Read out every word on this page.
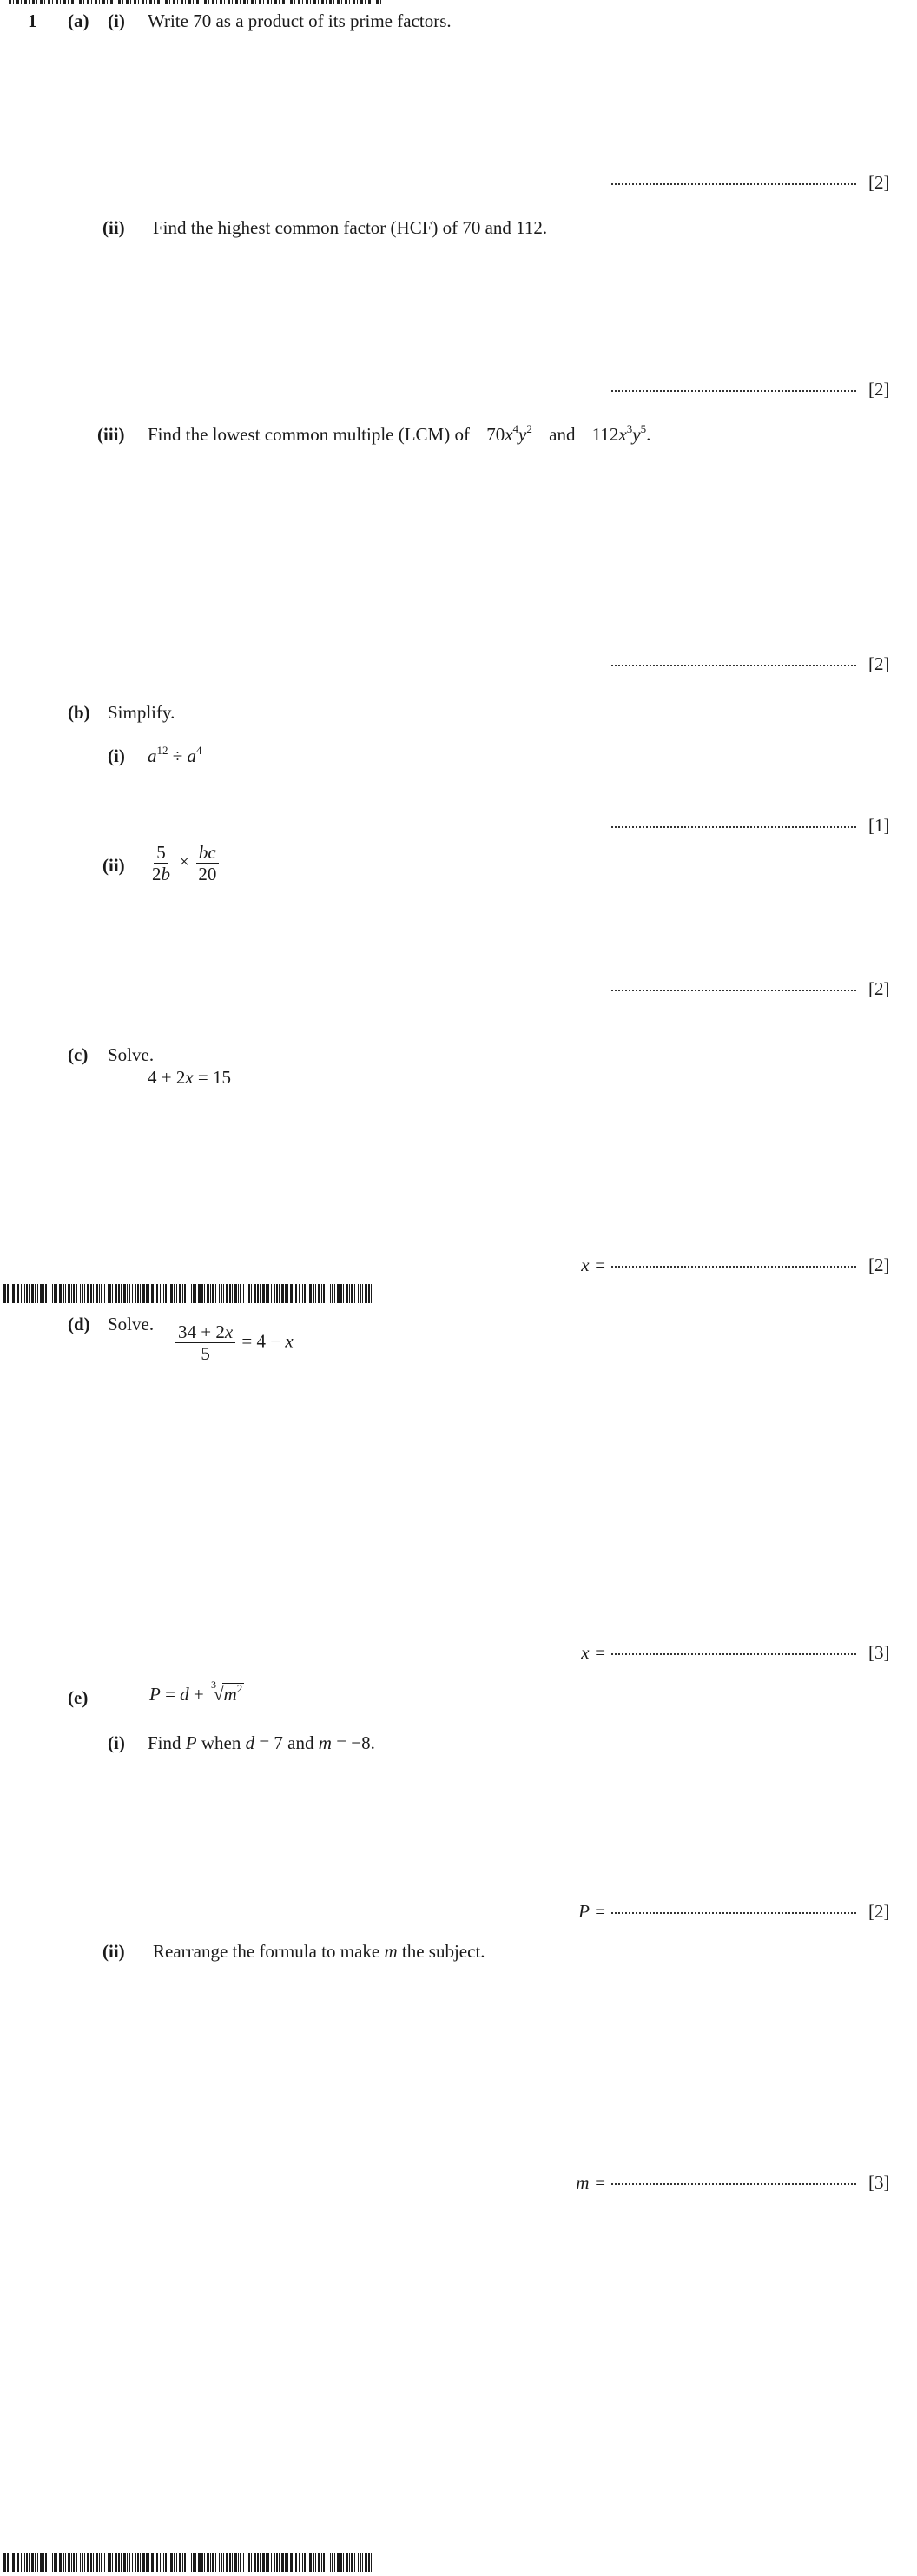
1 (a) (i) Write 70 as a product of its prime factors.
[2]
(ii) Find the highest common factor (HCF) of 70 and 112.
[2]
(iii) Find the lowest common multiple (LCM) of $70x^4y^2$ and $112x^3y^5$.
[2]
(b) Simplify.
(i) $a^{12} \div a^4$
[1]
$(ii) \frac{5}{2b} \times \frac{bc}{20}$
[2]
(c) Solve.
4 + 2x = 15
x =	[2]
(d) Solve. $\frac{34 + 2x}{5} = 4 - x$
x =	[3]
(e)	P = d + 3
$√m^2$
(i) Find P when d = 7 and m = −8.
P =	[2]
(ii) Rearrange the formula to make m the subject.
m =	[3]
